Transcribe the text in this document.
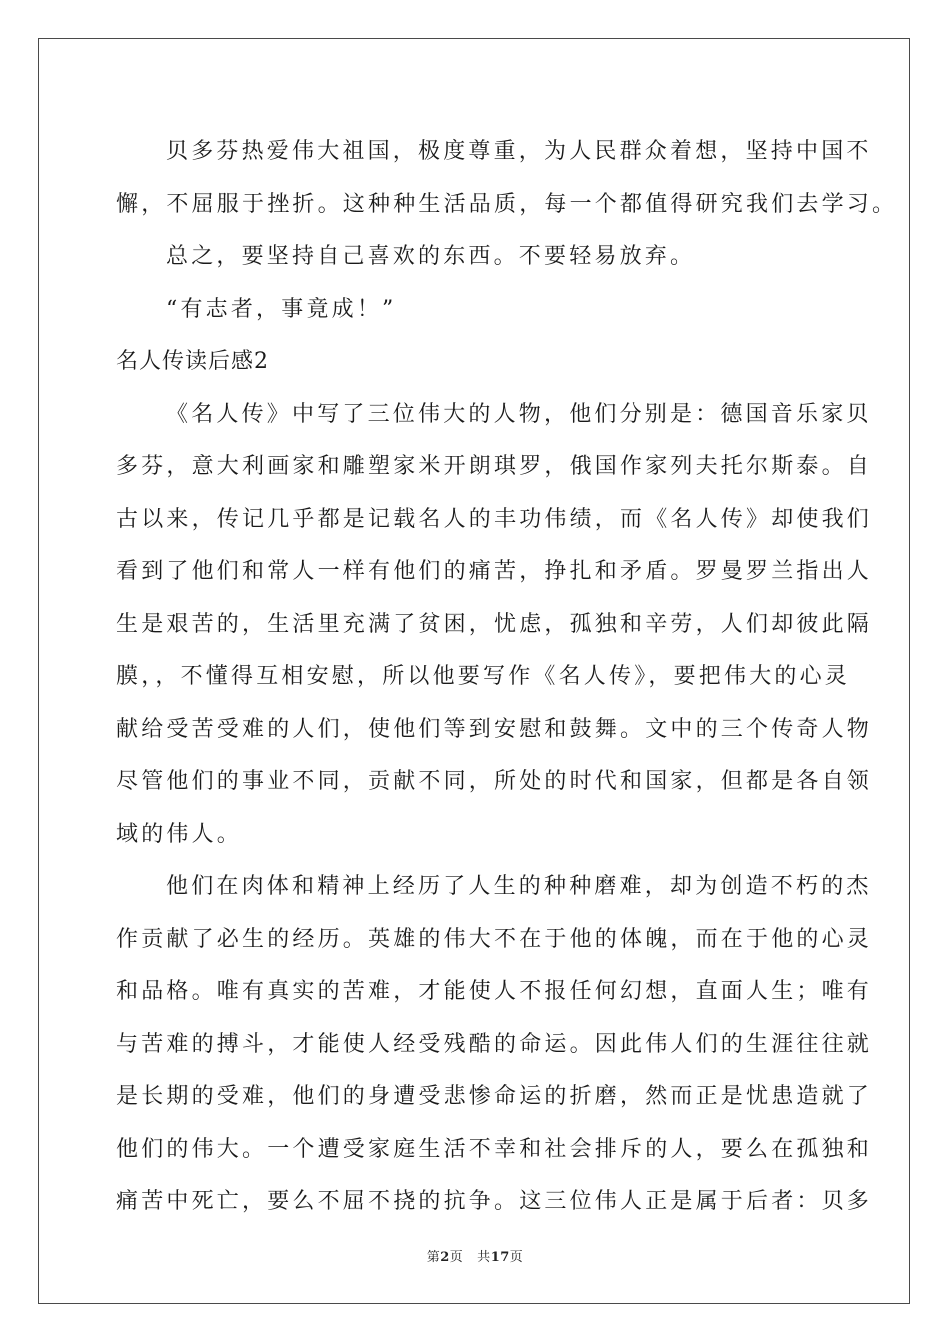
贝多芬热爱伟大祖国，极度尊重，为人民群众着想，坚持中国不
懈，不屈服于挫折。这种种生活品质，每一个都值得研究我们去学习。
总之，要坚持自己喜欢的东西。不要轻易放弃。
“有志者，事竟成！”
名人传读后感2
《名人传》中写了三位伟大的人物，他们分别是：德国音乐家贝
多芬，意大利画家和雕塑家米开朗琪罗，俄国作家列夫托尔斯泰。自
古以来，传记几乎都是记载名人的丰功伟绩，而《名人传》却使我们
看到了他们和常人一样有他们的痛苦，挣扎和矛盾。罗曼罗兰指出人
生是艰苦的，生活里充满了贫困，忧虑，孤独和辛劳，人们却彼此隔
膜，，不懂得互相安慰，所以他要写作《名人传》，要把伟大的心灵
献给受苦受难的人们，使他们等到安慰和鼓舞。文中的三个传奇人物
尽管他们的事业不同，贡献不同，所处的时代和国家，但都是各自领
域的伟人。
他们在肉体和精神上经历了人生的种种磨难，却为创造不朽的杰
作贡献了必生的经历。英雄的伟大不在于他的体魄，而在于他的心灵
和品格。唯有真实的苦难，才能使人不报任何幻想，直面人生；唯有
与苦难的搏斗，才能使人经受残酷的命运。因此伟人们的生涯往往就
是长期的受难，他们的身遭受悲惨命运的折磨，然而正是忧患造就了
他们的伟大。一个遭受家庭生活不幸和社会排斥的人，要么在孤独和
痛苦中死亡，要么不屈不挠的抗争。这三位伟人正是属于后者：贝多
第2页 共17页
